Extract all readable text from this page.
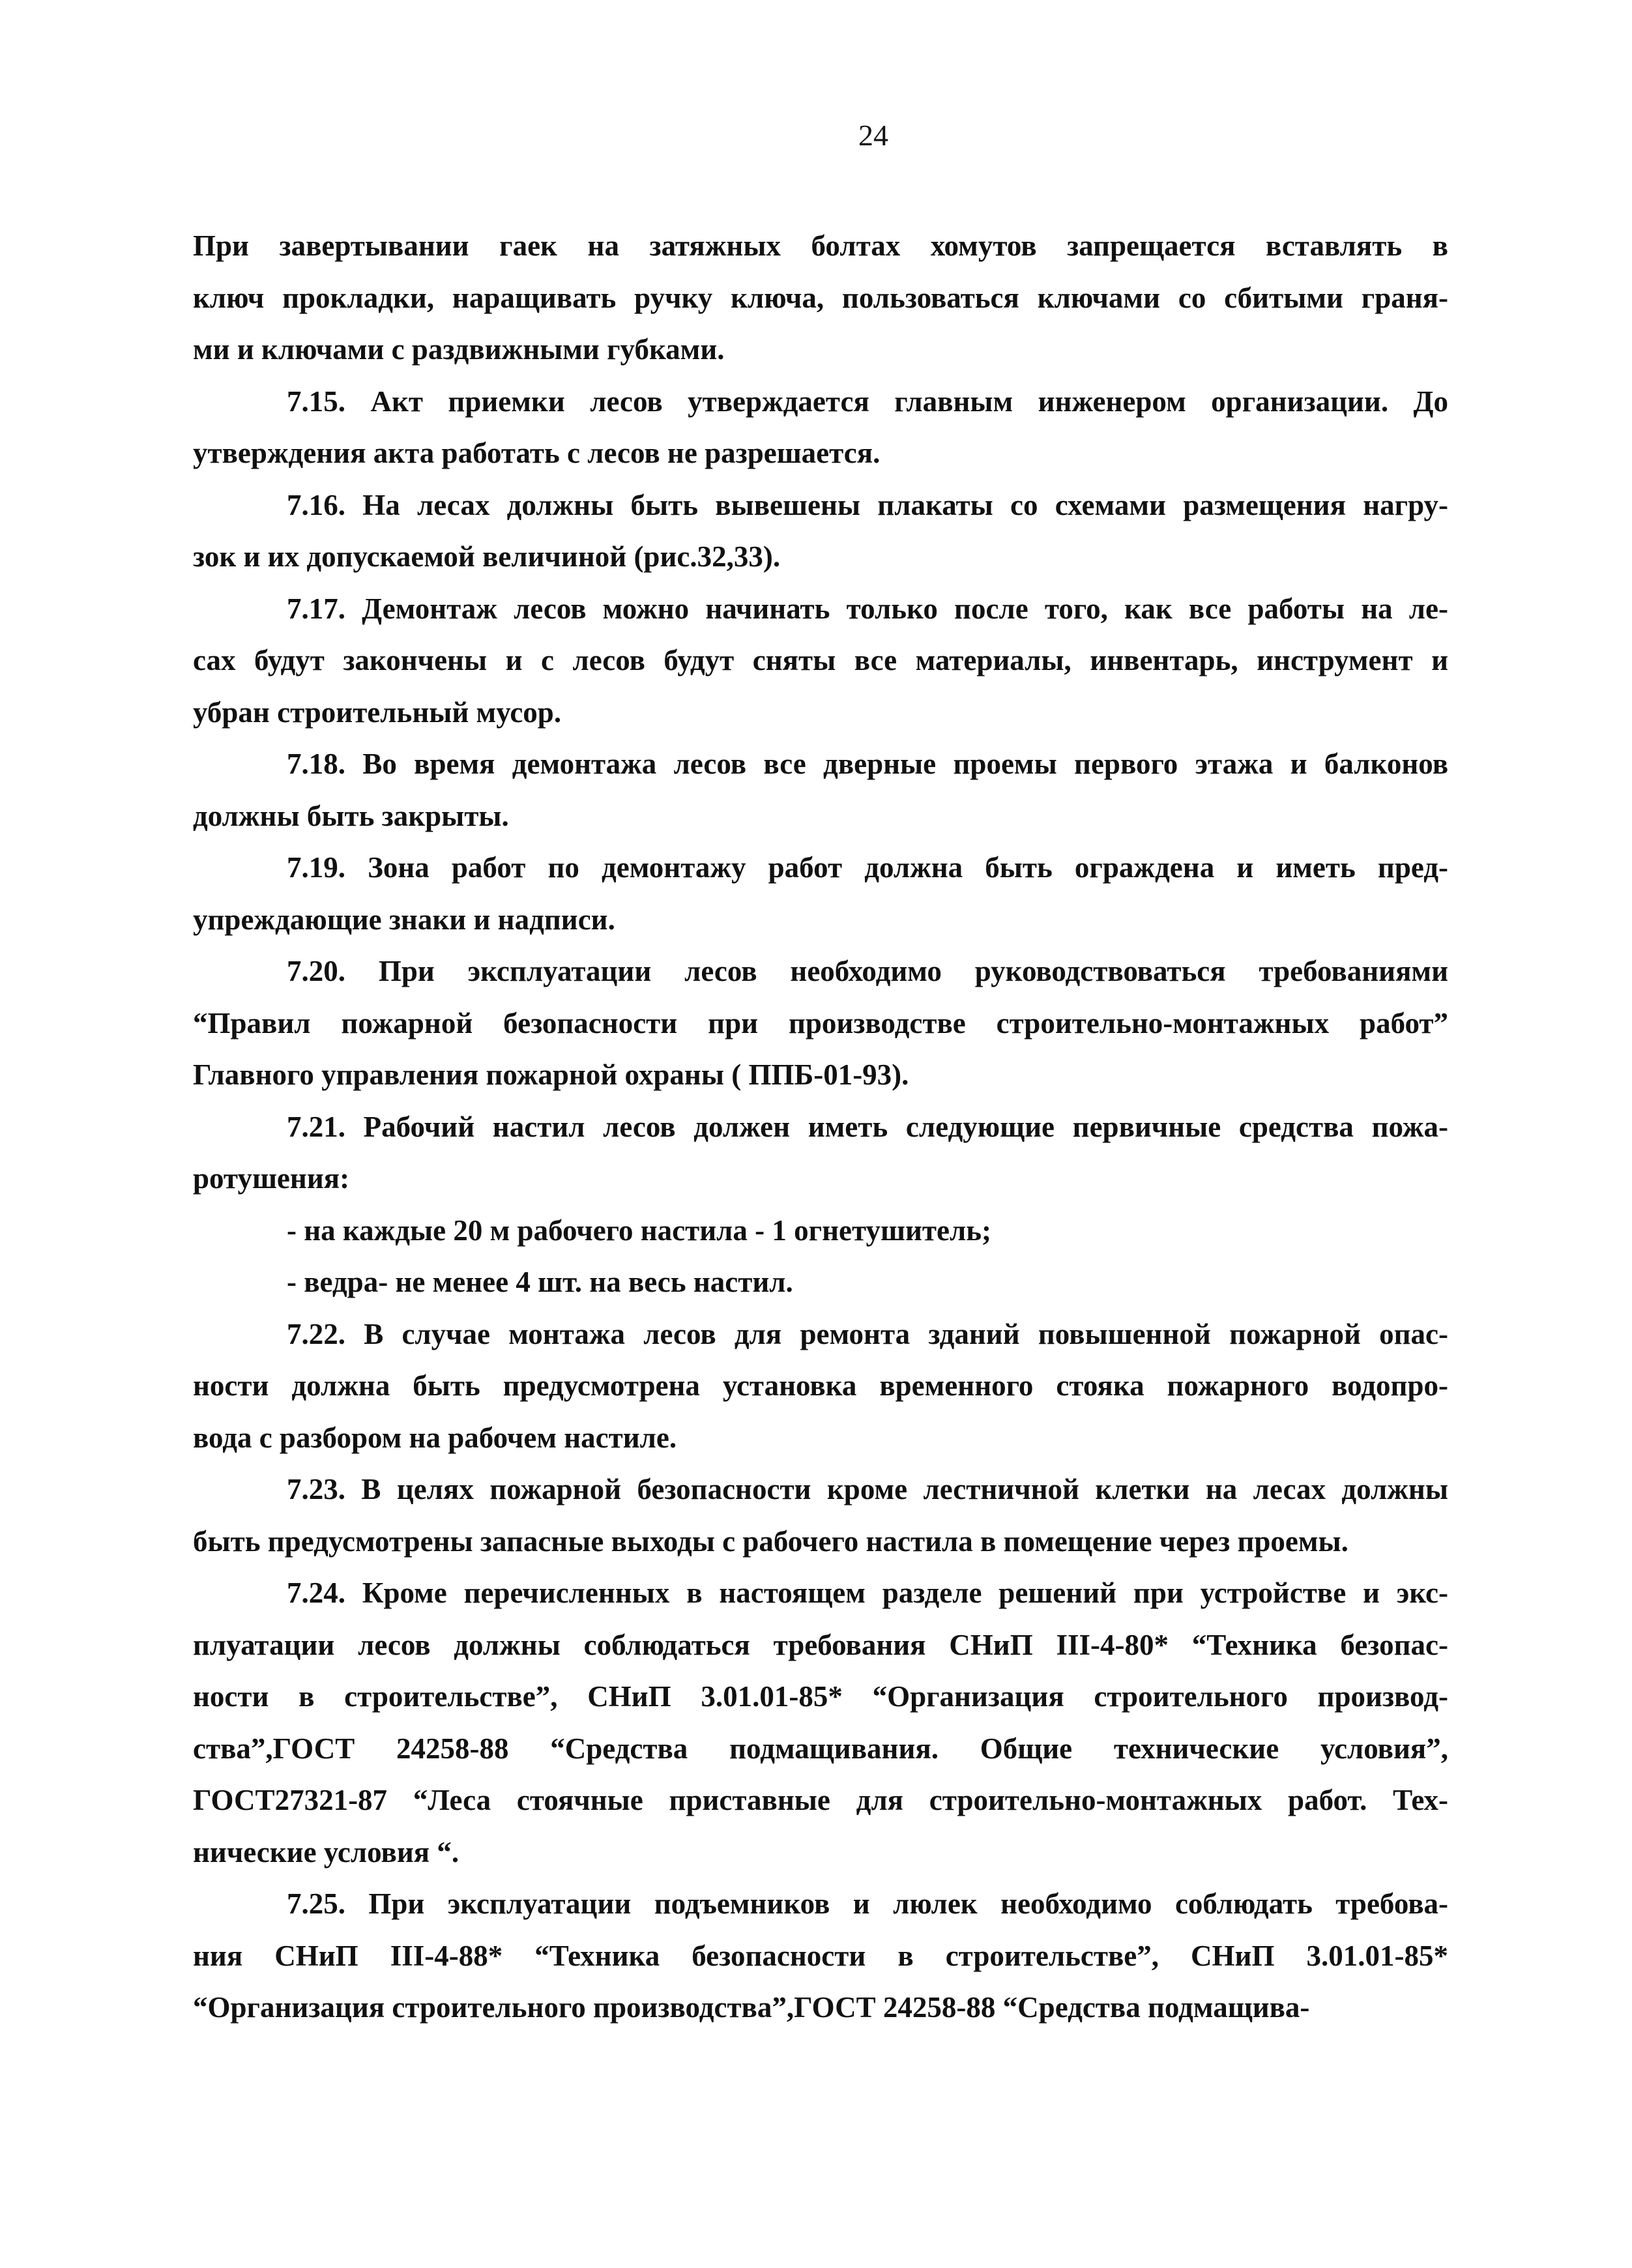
24
При завертывании гаек на затяжных болтах хомутов запрещается вставлять в
ключ прокладки, наращивать ручку ключа, пользоваться ключами со сбитыми граня-
ми и ключами с раздвижными губками.
7.15. Акт приемки лесов утверждается главным инженером организации. До
утверждения акта работать с лесов не разрешается.
7.16. На лесах должны быть вывешены плакаты со схемами размещения нагру-
зок и их допускаемой величиной (рис.32,33).
7.17. Демонтаж лесов можно начинать только после того, как все работы на ле-
сах будут закончены и с лесов будут сняты все материалы, инвентарь, инструмент и
убран строительный мусор.
7.18. Во время демонтажа лесов все дверные проемы первого этажа и балконов
должны быть закрыты.
7.19. Зона работ по демонтажу работ должна быть ограждена и иметь пред-
упреждающие знаки и надписи.
7.20. При эксплуатации лесов необходимо руководствоваться требованиями
“Правил пожарной безопасности при производстве строительно-монтажных работ”
Главного управления пожарной охраны ( ППБ-01-93).
7.21. Рабочий настил лесов должен иметь следующие первичные средства пожа-
ротушения:
- на каждые 20 м рабочего настила - 1 огнетушитель;
- ведра- не менее 4 шт. на весь настил.
7.22. В случае монтажа лесов для ремонта зданий повышенной пожарной опас-
ности должна быть предусмотрена установка временного стояка пожарного водопро-
вода с разбором на рабочем настиле.
7.23. В целях пожарной безопасности кроме лестничной клетки на лесах должны
быть предусмотрены запасные выходы с рабочего настила в помещение через проемы.
7.24. Кроме перечисленных в настоящем разделе решений при устройстве и экс-
плуатации лесов должны соблюдаться требования СНиП III-4-80* “Техника безопас-
ности в строительстве”, СНиП 3.01.01-85* “Организация строительного производ-
ства”,ГОСТ 24258-88 “Средства подмащивания. Общие технические условия”,
ГОСТ27321-87 “Леса стоячные приставные для строительно-монтажных работ. Тех-
нические условия “.
7.25. При эксплуатации подъемников и люлек необходимо соблюдать требова-
ния СНиП III-4-88* “Техника безопасности в строительстве”, СНиП 3.01.01-85*
“Организация строительного производства”,ГОСТ 24258-88 “Средства подмащива-
